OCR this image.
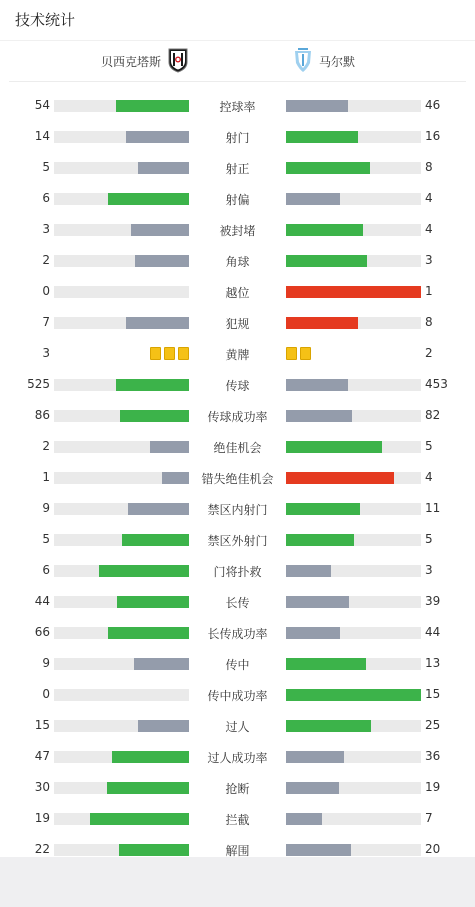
技术统计
贝西克塔斯	马尔默
54	控球率	46
14	射门	16
5	射正	8
6	射偏	4
3	被封堵	4
2	角球	3
0	越位	1
7	犯规	8
3	黄牌	2
525	传球	453
86	传球成功率	82
2	绝佳机会	5
1	错失绝佳机会	4
9	禁区内射门	11
5	禁区外射门	5
6	门将扑救	3
44	长传	39
66	长传成功率	44
9	传中	13
0	传中成功率	15
15	过人	25
47	过人成功率	36
30	抢断	19
19	拦截	7
22	解围	20
